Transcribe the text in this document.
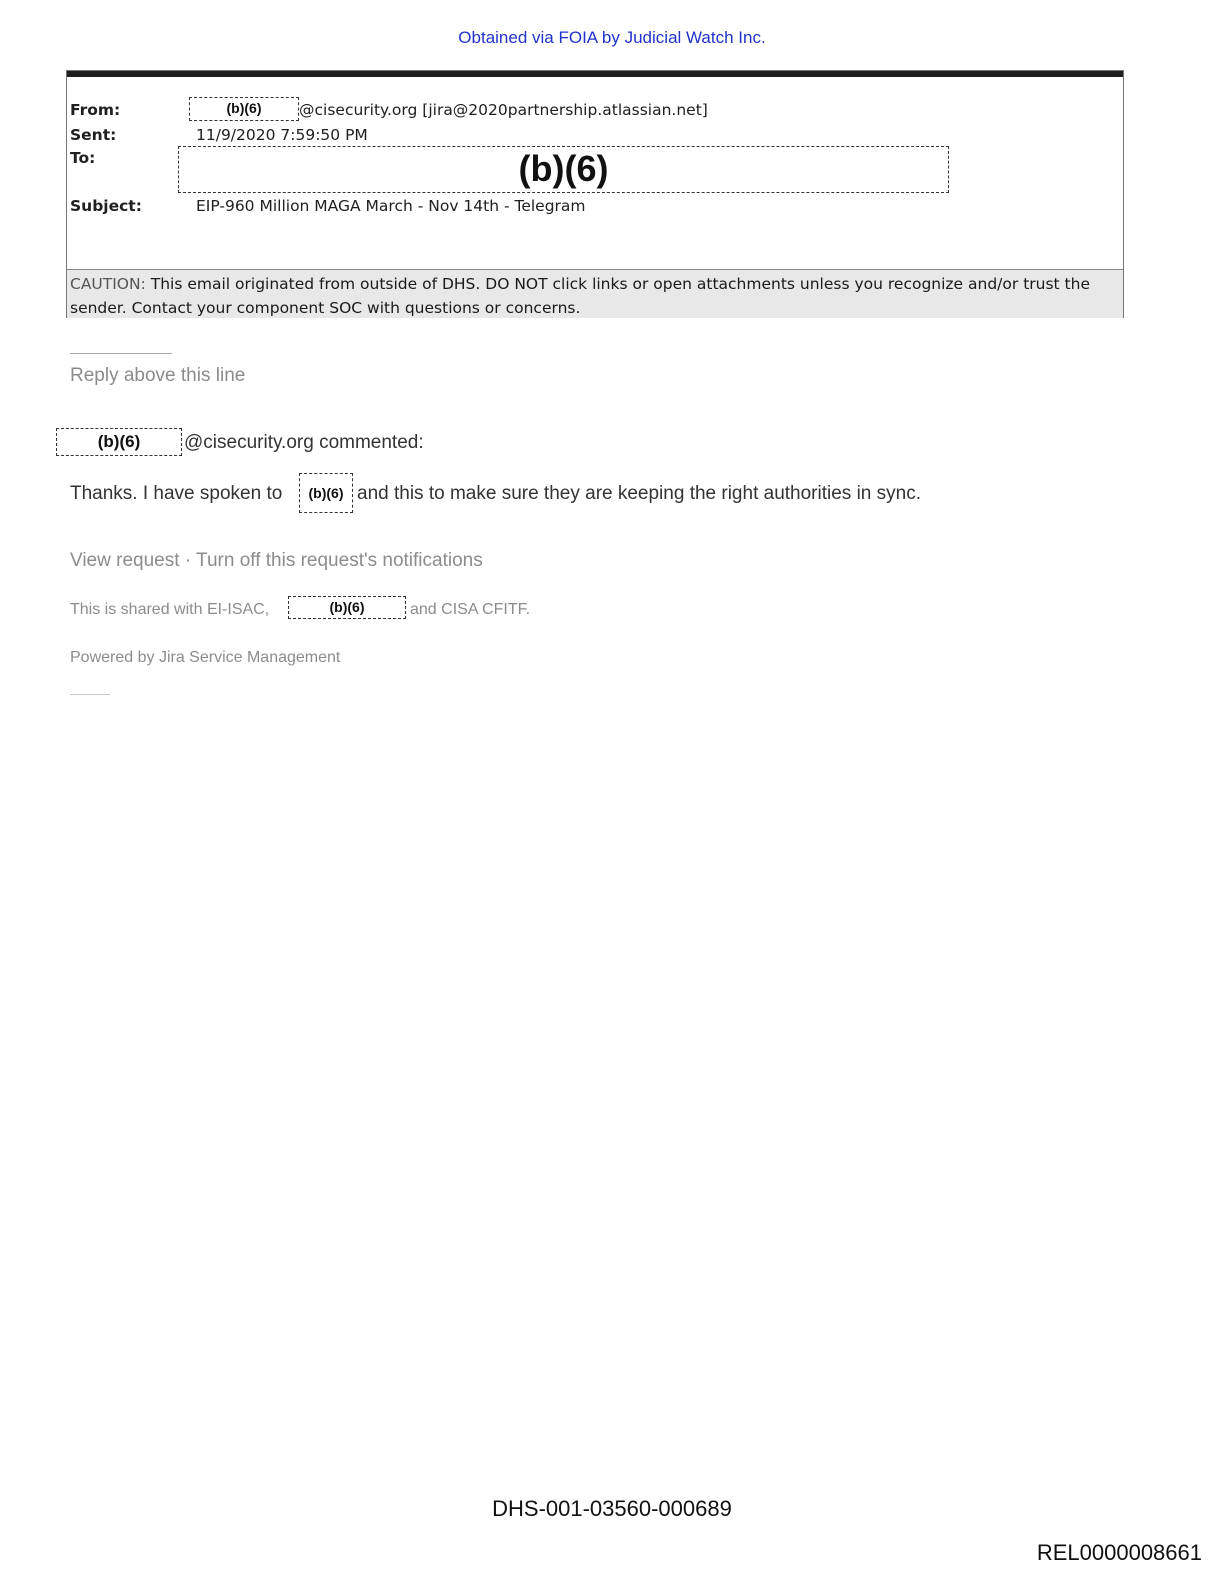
Obtained via FOIA by Judicial Watch Inc.
From:	(b)(6)	@cisecurity.org [jira@2020partnership.atlassian.net]
Sent:	11/9/2020 7:59:50 PM
To:	(b)(6)
Subject:	EIP-960 Million MAGA March - Nov 14th - Telegram
CAUTION: This email originated from outside of DHS. DO NOT click links or open attachments unless you recognize and/or trust the sender. Contact your component SOC with questions or concerns.
Reply above this line
(b)(6)	@cisecurity.org commented:
Thanks. I have spoken to	(b)(6) and this to make sure they are keeping the right authorities in sync.
View request · Turn off this request's notifications
This is shared with EI-ISAC,	(b)(6)	and CISA CFITF.
Powered by Jira Service Management
DHS-001-03560-000689
REL0000008661
